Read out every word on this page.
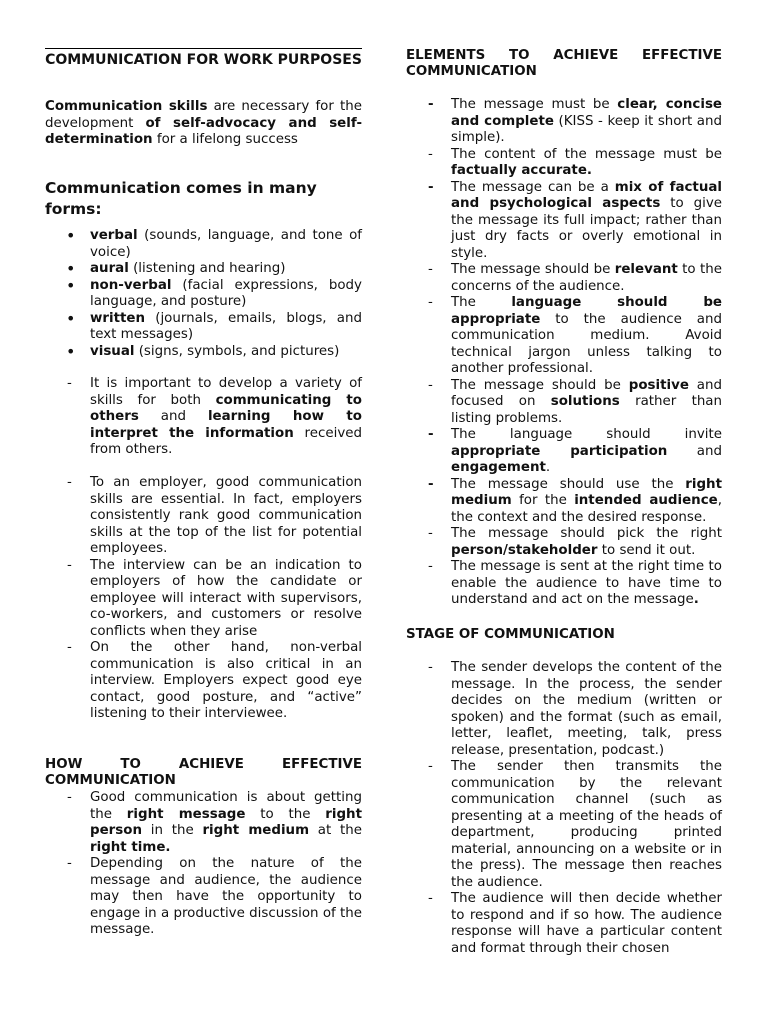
COMMUNICATION FOR WORK PURPOSES
Communication skills are necessary for the development of self-advocacy and self-determination for a lifelong success
Communication comes in many forms:
• verbal (sounds, language, and tone of voice)
• aural (listening and hearing)
• non-verbal (facial expressions, body language, and posture)
• written (journals, emails, blogs, and text messages)
• visual (signs, symbols, and pictures)
-	It is important to develop a variety of skills for both communicating to others and learning how to interpret the information received from others.
-	To an employer, good communication skills are essential. In fact, employers consistently rank good communication skills at the top of the list for potential employees.
-	The interview can be an indication to employers of how the candidate or employee will interact with supervisors, co-workers, and customers or resolve conflicts when they arise
-	On the other hand, non-verbal communication is also critical in an interview. Employers expect good eye contact, good posture, and “active” listening to their interviewee.
HOW TO ACHIEVE EFFECTIVE COMMUNICATION
-	Good communication is about getting the right message to the right person in the right medium at the right time.
-	Depending on the nature of the message and audience, the audience may then have the opportunity to engage in a productive discussion of the message.
ELEMENTS TO ACHIEVE EFFECTIVE COMMUNICATION
-	The message must be clear, concise and complete (KISS - keep it short and simple).
-	The content of the message must be factually accurate.
-	The message can be a mix of factual and psychological aspects to give the message its full impact; rather than just dry facts or overly emotional in style.
-	The message should be relevant to the concerns of the audience.
-	The language should be appropriate to the audience and communication medium. Avoid technical jargon unless talking to another professional.
-	The message should be positive and focused on solutions rather than listing problems.
-	The language should invite appropriate participation and engagement.
-	The message should use the right medium for the intended audience, the context and the desired response.
-	The message should pick the right person/stakeholder to send it out.
-	The message is sent at the right time to enable the audience to have time to understand and act on the message.
STAGE OF COMMUNICATION
-	The sender develops the content of the message. In the process, the sender decides on the medium (written or spoken) and the format (such as email, letter, leaflet, meeting, talk, press release, presentation, podcast.)
-	The sender then transmits the communication by the relevant communication channel (such as presenting at a meeting of the heads of department, producing printed material, announcing on a website or in the press). The message then reaches the audience.
-	The audience will then decide whether to respond and if so how. The audience response will have a particular content and format through their chosen
